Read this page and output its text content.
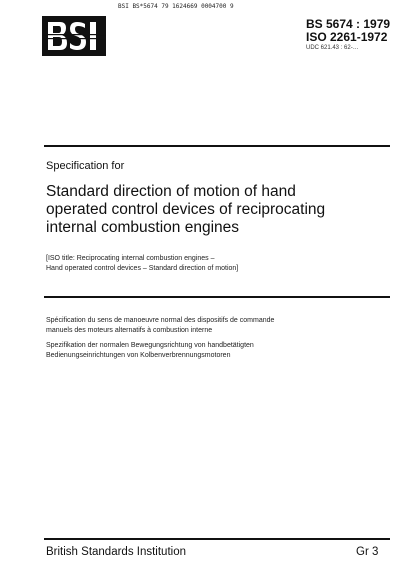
BSI BS*5674 79 1624669 0004700 9
BS 5674 : 1979
ISO 2261-1972
UDC 621.43 : 62-…
Specification for
Standard direction of motion of hand
operated control devices of reciprocating
internal combustion engines
[ISO title: Reciprocating internal combustion engines –
Hand operated control devices – Standard direction of motion]
Spécification du sens de manoeuvre normal des dispositifs de commande
manuels des moteurs alternatifs à combustion interne
Spezifikation der normalen Bewegungsrichtung von handbetätigten
Bedienungseinrichtungen von Kolbenverbrennungsmotoren
British Standards Institution	Gr 3
